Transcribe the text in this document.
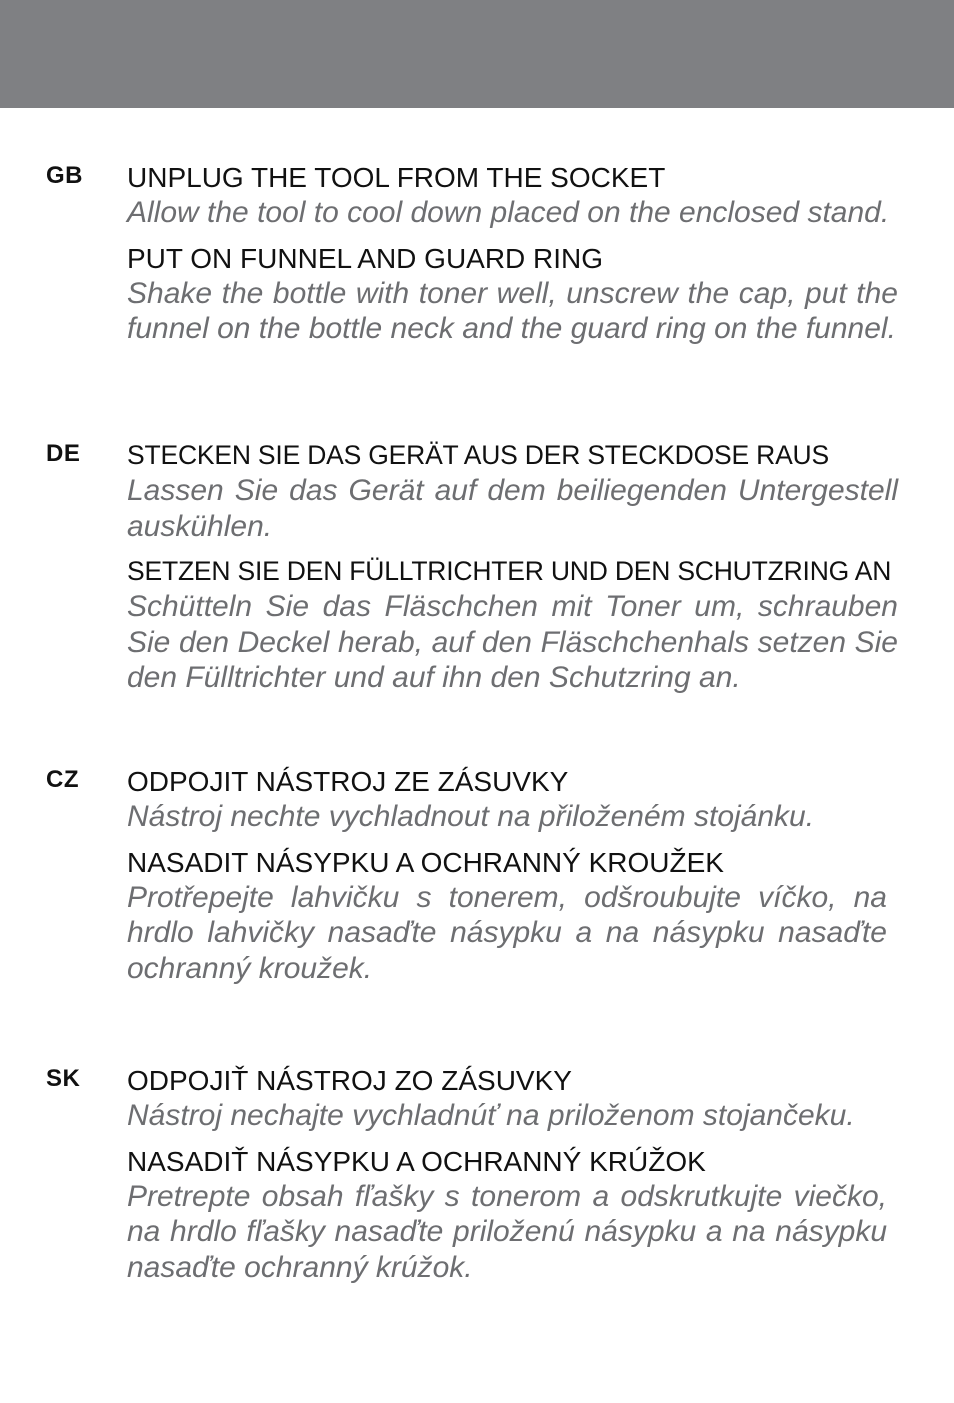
GB UNPLUG THE TOOL FROM THE SOCKET

Allow the tool to cool down placed on the enclosed stand.

PUT ON FUNNEL AND GUARD RING

Shake the bottle with toner well, unscrew the cap, put the funnel on the bottle neck and the guard ring on the funnel.

DE STECKEN SIE DAS GERÄT AUS DER STECKDOSE RAUS

Lassen Sie das Gerät auf dem beiliegenden Untergestell auskühlen.

SETZEN SIE DEN FÜLLTRICHTER UND DEN SCHUTZRING AN

Schütteln Sie das Fläschchen mit Toner um, schrauben Sie den Deckel herab, auf den Fläschchenhals setzen Sie den Fülltrichter und auf ihn den Schutzring an.

CZ ODPOJIT NÁSTROJ ZE ZÁSUVKY

Nástroj nechte vychladnout na přiloženém stojánku.

NASADIT NÁSYPKU A OCHRANNÝ KROUŽEK

Protřepejte lahvičku s tonerem, odšroubujte víčko, na hrdlo lahvičky nasaďte násypku a na násypku nasaďte ochranný kroužek.

SK ODPOJIŤ NÁSTROJ ZO ZÁSUVKY

Nástroj nechajte vychladnúť na priloženom stojančeku.

NASADIŤ NÁSYPKU A OCHRANNÝ KRÚŽOK

Pretrepte obsah fľašky s tonerom a odskrutkujte viečko, na hrdlo fľašky nasaďte priloženú násypku a na násypku nasaďte ochranný krúžok.
